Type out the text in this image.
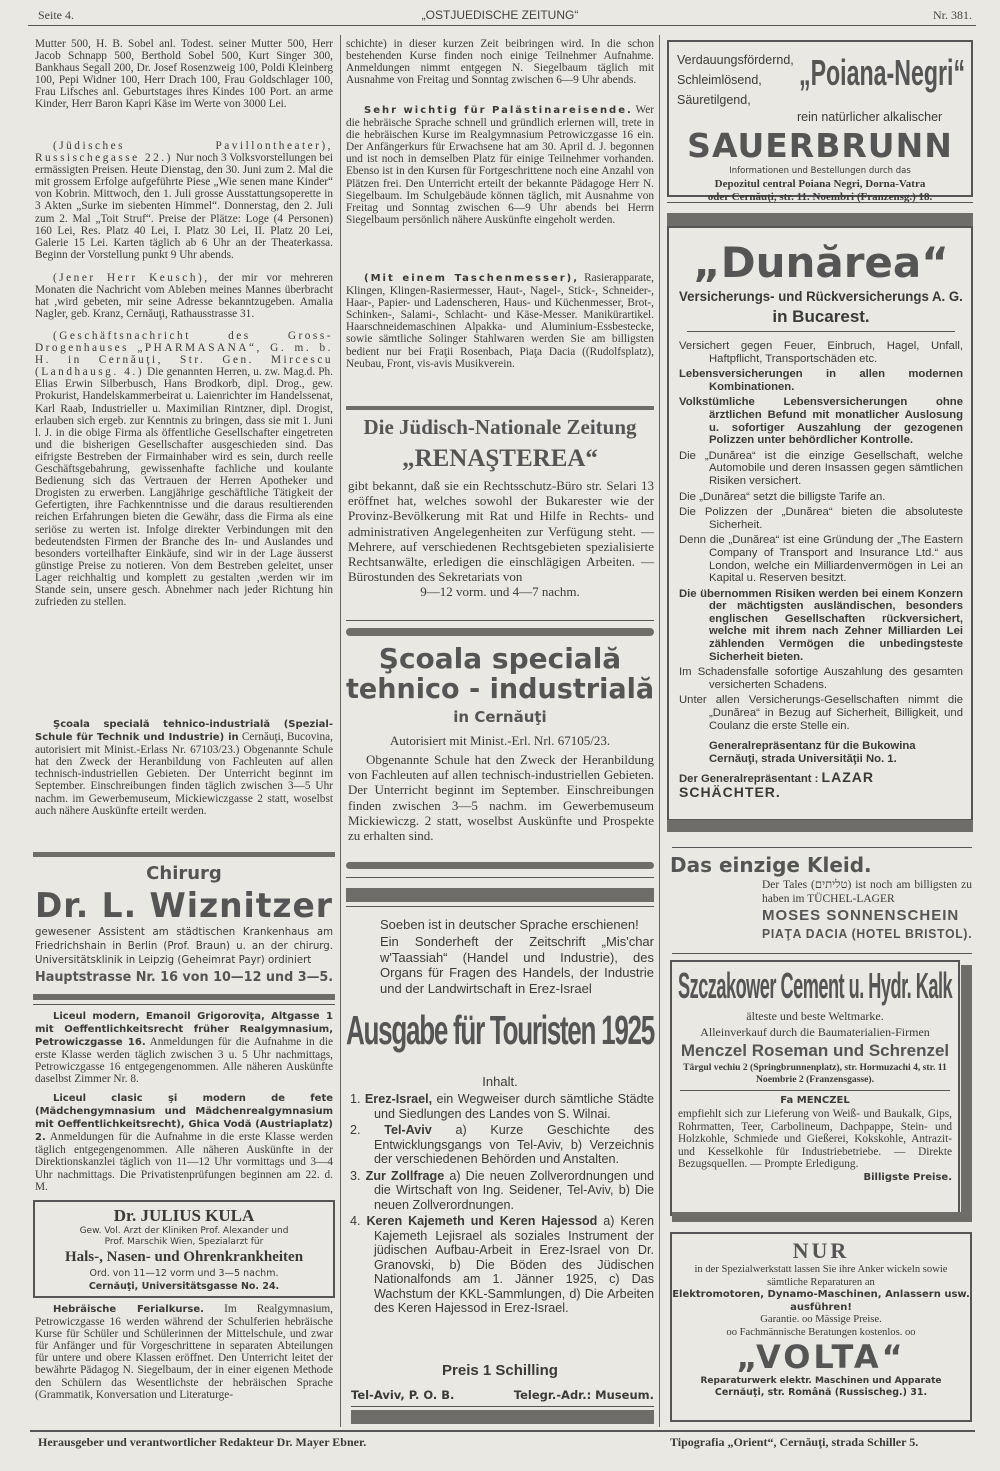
Seite 4.	„OSTJUEDISCHE ZEITUNG“	Nr. 381.

Mutter 500, H. B. Sobel anl. Todest. seiner Mutter 500, Herr Jacob Schnapp 500, Berthold Sobel 500, Kurt Singer 300, Bankhaus Segall 200, Dr. Josef Rosenzweig 100, Poldi Kleinberg 100, Pepi Widner 100, Herr Drach 100, Frau Goldschlager 100, Frau Lifsches anl. Geburtstages ihres Kindes 100 Port. an arme Kinder, Herr Baron Kapri Käse im Werte von 3000 Lei.

(Jüdisches Pavillontheater), Russischegasse 22.) Nur noch 3 Volksvorstellungen bei ermässigten Preisen. Heute Dienstag, den 30. Juni zum 2. Mal die mit grossem Erfolge aufgeführte Piese „Wie senen mane Kinder“ von Kobrin. Mittwoch, den 1. Juli grosse Ausstattungsoperette in 3 Akten „Surke im siebenten Himmel“. Donnerstag, den 2. Juli zum 2. Mal „Toit Struf“. Preise der Plätze: Loge (4 Personen) 160 Lei, Res. Platz 40 Lei, I. Platz 30 Lei, II. Platz 20 Lei, Galerie 15 Lei. Karten täglich ab 6 Uhr an der Theaterkassa. Beginn der Vorstellung punkt 9 Uhr abends.

(Jener Herr Keusch), der mir vor mehreren Monaten die Nachricht vom Ableben meines Mannes überbracht hat ,wird gebeten, mir seine Adresse bekanntzugeben. Amalia Nagler, geb. Kranz, Cernăuţi, Rathausstrasse 31.

(Geschäftsnachricht des Gross-Drogenhauses „PHARMASANA“, G. m. b. H. in Cernăuţi, Str. Gen. Mircescu (Landhausg. 4.) Die genannten Herren, u. zw. Mag.d. Ph. Elias Erwin Silberbusch, Hans Brodkorb, dipl. Drog., gew. Prokurist, Handelskammerbeirat u. Laienrichter im Handelssenat, Karl Raab, Industrieller u. Maximilian Rintzner, dipl. Drogist, erlauben sich ergeb. zur Kenntnis zu bringen, dass sie mit 1. Juni l. J. in die obige Firma als öffentliche Gesellschafter eingetreten und die bisherigen Gesellschafter ausgeschieden sind. Das eifrigste Bestreben der Firmainhaber wird es sein, durch reelle Geschäftsgebahrung, gewissenhafte fachliche und koulante Bedienung sich das Vertrauen der Herren Apotheker und Drogisten zu erwerben. Langjährige geschäftliche Tätigkeit der Gefertigten, ihre Fachkenntnisse und die daraus resultierenden reichen Erfahrungen bieten die Gewähr, dass die Firma als eine seriöse zu werten ist. Infolge direkter Verbindungen mit den bedeutendsten Firmen der Branche des In- und Auslandes und besonders vorteilhafter Einkäufe, sind wir in der Lage äusserst günstige Preise zu notieren. Von dem Bestreben geleitet, unser Lager reichhaltig und komplett zu gestalten ,werden wir im Stande sein, unsere gesch. Abnehmer nach jeder Richtung hin zufrieden zu stellen.

Şcoala specială tehnico-industrială (Spezial-Schule für Technik und Industrie) in Cernăuţi, Bucovina, autorisiert mit Minist.-Erlass Nr. 67103/23.) Obgenannte Schule hat den Zweck der Heranbildung von Fachleuten auf allen technisch-industriellen Gebieten. Der Unterricht beginnt im September. Einschreibungen finden täglich zwischen 3—5 Uhr nachm. im Gewerbemuseum, Mickiewiczgasse 2 statt, woselbst auch nähere Auskünfte erteilt werden.

Chirurg
Dr. L. Wiznitzer

gewesener Assistent am städtischen Krankenhaus am Friedrichshain in Berlin (Prof. Braun) u. an der chirurg. Universitätsklinik in Leipzig (Geheimrat Payr) ordiniert

Hauptstrasse Nr. 16 von 10—12 und 3—5.

Liceul modern, Emanoil Grigoroviţa, Altgasse 1 mit Oeffentlichkeitsrecht früher Realgymnasium, Petrowiczgasse 16. Anmeldungen für die Aufnahme in die erste Klasse werden täglich zwischen 3 u. 5 Uhr nachmittags, Petrowiczgasse 16 entgegengenommen. Alle näheren Auskünfte daselbst Zimmer Nr. 8.

Liceul clasic şi modern de fete (Mädchengymnasium und Mädchenrealgymnasium mit Oeffentlichkeitsrecht), Ghica Vodă (Austriaplatz) 2. Anmeldungen für die Aufnahme in die erste Klasse werden täglich entgegengenommen. Alle näheren Auskünfte in der Direktionskanzlei täglich von 11—12 Uhr vormittags und 3—4 Uhr nachmittags. Die Privatistenprüfungen beginnen am 22. d. M.

Dr. JULIUS KULA
Gew. Vol. Arzt der Kliniken Prof. Alexander und
Prof. Marschik Wien, Spezialarzt für
Hals-, Nasen- und Ohrenkrankheiten
Ord. von 11—12 vorm und 3—5 nachm.
Cernăuţi, Universitätsgasse No. 24.

Hebräische Ferialkurse. Im Realgymnasium, Petrowiczgasse 16 werden während der Schulferien hebräische Kurse für Schüler und Schülerinnen der Mittelschule, und zwar für Anfänger und für Vorgeschrittene in separaten Abteilungen für untere und obere Klassen eröffnet. Den Unterricht leitet der bewährte Pädagog N. Siegelbaum, der in einer eigenen Methode den Schülern das Wesentlichste der hebräischen Sprache (Grammatik, Konversation und Literaturge-

schichte) in dieser kurzen Zeit beibringen wird. In die schon bestehenden Kurse finden noch einige Teilnehmer Aufnahme. Anmeldungen nimmt entgegen N. Siegelbaum täglich mit Ausnahme von Freitag und Sonntag zwischen 6—9 Uhr abends.

Sehr wichtig für Palästinareisende. Wer die hebräische Sprache schnell und gründlich erlernen will, trete in die hebräischen Kurse im Realgymnasium Petrowiczgasse 16 ein. Der Anfängerkurs für Erwachsene hat am 30. April d. J. begonnen und ist noch in demselben Platz für einige Teilnehmer vorhanden. Ebenso ist in den Kursen für Fortgeschrittene noch eine Anzahl von Plätzen frei. Den Unterricht erteilt der bekannte Pädagoge Herr N. Siegelbaum. Im Schulgebäude können täglich, mit Ausnahme von Freitag und Sonntag zwischen 6—9 Uhr abends bei Herrn Siegelbaum persönlich nähere Auskünfte eingeholt werden.

(Mit einem Taschenmesser), Rasierapparate, Klingen, Klingen-Rasiermesser, Haut-, Nagel-, Stick-, Schneider-, Haar-, Papier- und Ladenscheren, Haus- und Küchenmesser, Brot-, Schinken-, Salami-, Schlacht- und Käse-Messer. Manikürartikel. Haarschneidemaschinen Alpakka- und Aluminium-Essbestecke, sowie sämtliche Solinger Stahlwaren werden Sie am billigsten bedient nur bei Fraţii Rosenbach, Piaţa Dacia ((Rudolfsplatz), Neubau, Front, vis-avis Musikverein.

Die Jüdisch-Nationale Zeitung
„RENAŞTEREA“

gibt bekannt, daß sie ein Rechtsschutz-Büro str. Selari 13 eröffnet hat, welches sowohl der Bukarester wie der Provinz-Bevölkerung mit Rat und Hilfe in Rechts- und administrativen Angelegenheiten zur Verfügung steht. — Mehrere, auf verschiedenen Rechtsgebieten spezialisierte Rechtsanwälte, erledigen die einschlägigen Arbeiten. — Bürostunden des Sekretariats von

9—12 vorm. und 4—7 nachm.
Şcoala specială
tehnico - industrială
in Cernăuţi
Autorisiert mit Minist.-Erl. Nrl. 67105/23.

Obgenannte Schule hat den Zweck der Heranbildung von Fachleuten auf allen technisch-industriellen Gebieten. Der Unterricht beginnt im September. Einschreibungen finden zwischen 3—5 nachm. im Gewerbemuseum Mickiewiczg. 2 statt, woselbst Auskünfte und Prospekte zu erhalten sind.

Soeben ist in deutscher Sprache erschienen!

Ein Sonderheft der Zeitschrift „Mis'char w'Taassiah“ (Handel und Industrie), des Organs für Fragen des Handels, der Industrie und der Landwirtschaft in Erez-Israel

Ausgabe für Touristen 1925
Inhalt.
1. Erez-Israel, ein Wegweiser durch sämtliche Städte und Siedlungen des Landes von S. Wilnai.
2. Tel-Aviv a) Kurze Geschichte des Entwicklungsgangs von Tel-Aviv, b) Verzeichnis der verschiedenen Behörden und Anstalten.
3. Zur Zollfrage a) Die neuen Zollverordnungen und die Wirtschaft von Ing. Seidener, Tel-Aviv, b) Die neuen Zollverordnungen.
4. Keren Kajemeth und Keren Hajessod a) Keren Kajemeth Lejisrael als soziales Instrument der jüdischen Aufbau-Arbeit in Erez-Israel von Dr. Granovski, b) Die Böden des Jüdischen Nationalfonds am 1. Jänner 1925, c) Das Wachstum der KKL-Sammlungen, d) Die Arbeiten des Keren Hajessod in Erez-Israel.
Preis 1 Schilling
Tel-Aviv, P. O. B.	Telegr.-Adr.: Museum.
Verdauungsfördernd,
Schleimlösend,
Säuretilgend,
„Poiana-Negri“
rein natürlicher alkalischer
SAUERBRUNN
Informationen und Bestellungen durch das
Depozitul central Poiana Negri, Dorna-Vatra
oder Cernăuţi, str. 11. Noembri (Franzensg.) 18.
„Dunărea“
Versicherungs- und Rückversicherungs A. G.
in Bucarest.
Versichert gegen Feuer, Einbruch, Hagel, Unfall, Haftpflicht, Transportschäden etc.
Lebensversicherungen in allen modernen Kombinationen.
Volkstümliche Lebensversicherungen ohne ärztlichen Befund mit monatlicher Auslosung u. sofortiger Auszahlung der gezogenen Polizzen unter behördlicher Kontrolle.
Die „Dunărea“ ist die einzige Gesellschaft, welche Automobile und deren Insassen gegen sämtlichen Risiken versichert.
Die „Dunărea“ setzt die billigste Tarife an.
Die Polizzen der „Dunărea“ bieten die absoluteste Sicherheit.
Denn die „Dunărea“ ist eine Gründung der „The Eastern Company of Transport and Insurance Ltd.“ aus London, welche ein Milliardenvermögen in Lei an Kapital u. Reserven besitzt.
Die übernommen Risiken werden bei einem Konzern der mächtigsten ausländischen, besonders englischen Gesellschaften rückversichert, welche mit ihrem nach Zehner Milliarden Lei zählenden Vermögen die unbedingsteste Sicherheit bieten.
Im Schadensfalle sofortige Auszahlung des gesamten versicherten Schadens.
Unter allen Versicherungs-Gesellschaften nimmt die „Dunărea“ in Bezug auf Sicherheit, Billigkeit, und Coulanz die erste Stelle ein.
Generalrepräsentanz für die Bukowina
Cernăuţi, strada Universităţii No. 1.
Der Generalrepräsentant : LAZAR SCHÄCHTER.
Das einzige Kleid.

Der Tales (טליתים) ist noch am billigsten zu haben im TÜCHEL-LAGER

MOSES SONNENSCHEIN
PIAŢA DACIA (HOTEL BRISTOL).
Szczakower Cement u. Hydr. Kalk
älteste und beste Weltmarke.
Alleinverkauf durch die Baumaterialien-Firmen
Menczel Roseman und Schrenzel
Târgul vechiu 2 (Springbrunnenplatz), str. Hormuzachi 4, str. 11 Noembrie 2 (Franzensgasse).
Fa MENCZEL

empfiehlt sich zur Lieferung von Weiß- und Baukalk, Gips, Rohrmatten, Teer, Carbolineum, Dachpappe, Stein- und Holzkohle, Schmiede und Gießerei, Kokskohle, Antrazit- und Kesselkohle für Industriebetriebe. — Direkte Bezugsquellen. — Prompte Erledigung.

Billigste Preise.
NUR
in der Spezialwerkstatt lassen Sie ihre Anker wickeln sowie sämtliche Reparaturen an
Elektromotoren, Dynamo-Maschinen, Anlassern usw. ausführen!
Garantie. oo Mässige Preise.
oo Fachmännische Beratungen kostenlos. oo
„VOLTA“
Reparaturwerk elektr. Maschinen und Apparate
Cernăuţi, str. Română (Russischeg.) 31.
Herausgeber und verantwortlicher Redakteur Dr. Mayer Ebner.	Tipografia „Orient“, Cernăuţi, strada Schiller 5.
